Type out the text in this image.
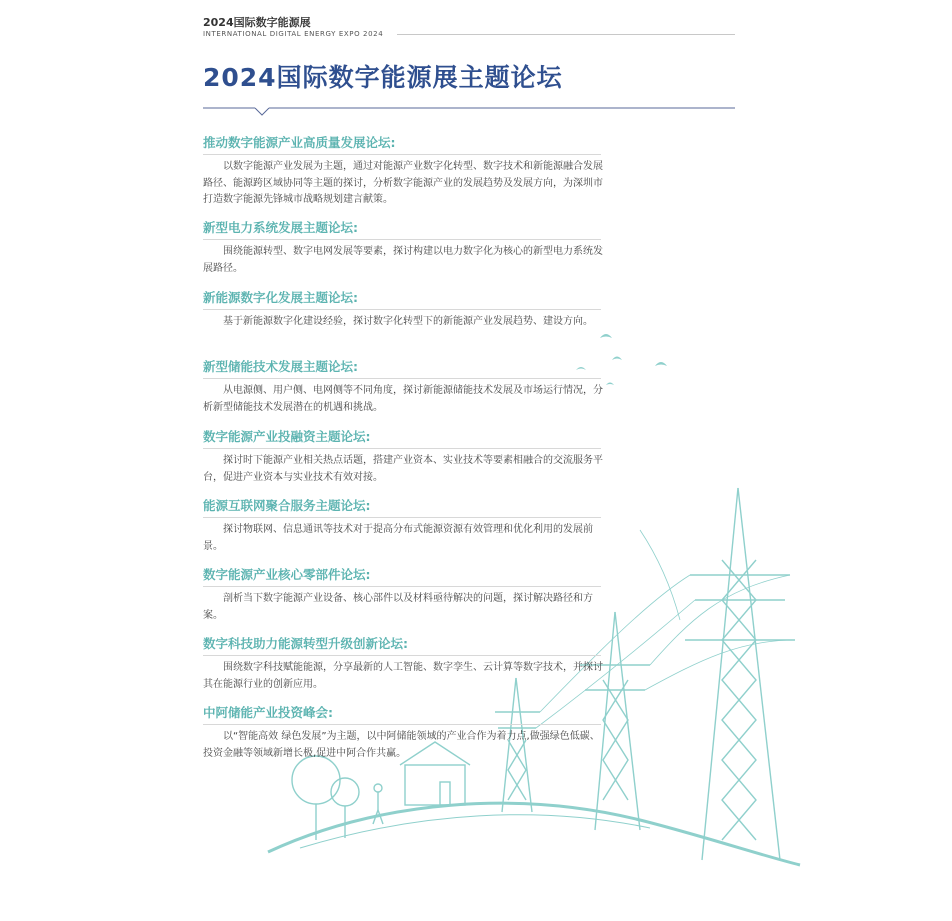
2024国际数字能源展
INTERNATIONAL DIGITAL ENERGY EXPO 2024
2024国际数字能源展主题论坛
推动数字能源产业高质量发展论坛:
以数字能源产业发展为主题，通过对能源产业数字化转型、数字技术和新能源融合发展路径、能源跨区域协同等主题的探讨，分析数字能源产业的发展趋势及发展方向，为深圳市打造数字能源先锋城市战略规划建言献策。
新型电力系统发展主题论坛:
围绕能源转型、数字电网发展等要素，探讨构建以电力数字化为核心的新型电力系统发展路径。
新能源数字化发展主题论坛:
基于新能源数字化建设经验，探讨数字化转型下的新能源产业发展趋势、建设方向。
新型储能技术发展主题论坛:
从电源侧、用户侧、电网侧等不同角度，探讨新能源储能技术发展及市场运行情况，分析新型储能技术发展潜在的机遇和挑战。
数字能源产业投融资主题论坛:
探讨时下能源产业相关热点话题，搭建产业资本、实业技术等要素相融合的交流服务平台，促进产业资本与实业技术有效对接。
能源互联网聚合服务主题论坛:
探讨物联网、信息通讯等技术对于提高分布式能源资源有效管理和优化利用的发展前景。
数字能源产业核心零部件论坛:
剖析当下数字能源产业设备、核心部件以及材料亟待解决的问题，探讨解决路径和方案。
数字科技助力能源转型升级创新论坛:
围绕数字科技赋能能源，分享最新的人工智能、数字孪生、云计算等数字技术，并探讨其在能源行业的创新应用。
中阿储能产业投资峰会:
以“智能高效 绿色发展”为主题，以中阿储能领域的产业合作为着力点,做强绿色低碳、投资金融等领域新增长极,促进中阿合作共赢。
